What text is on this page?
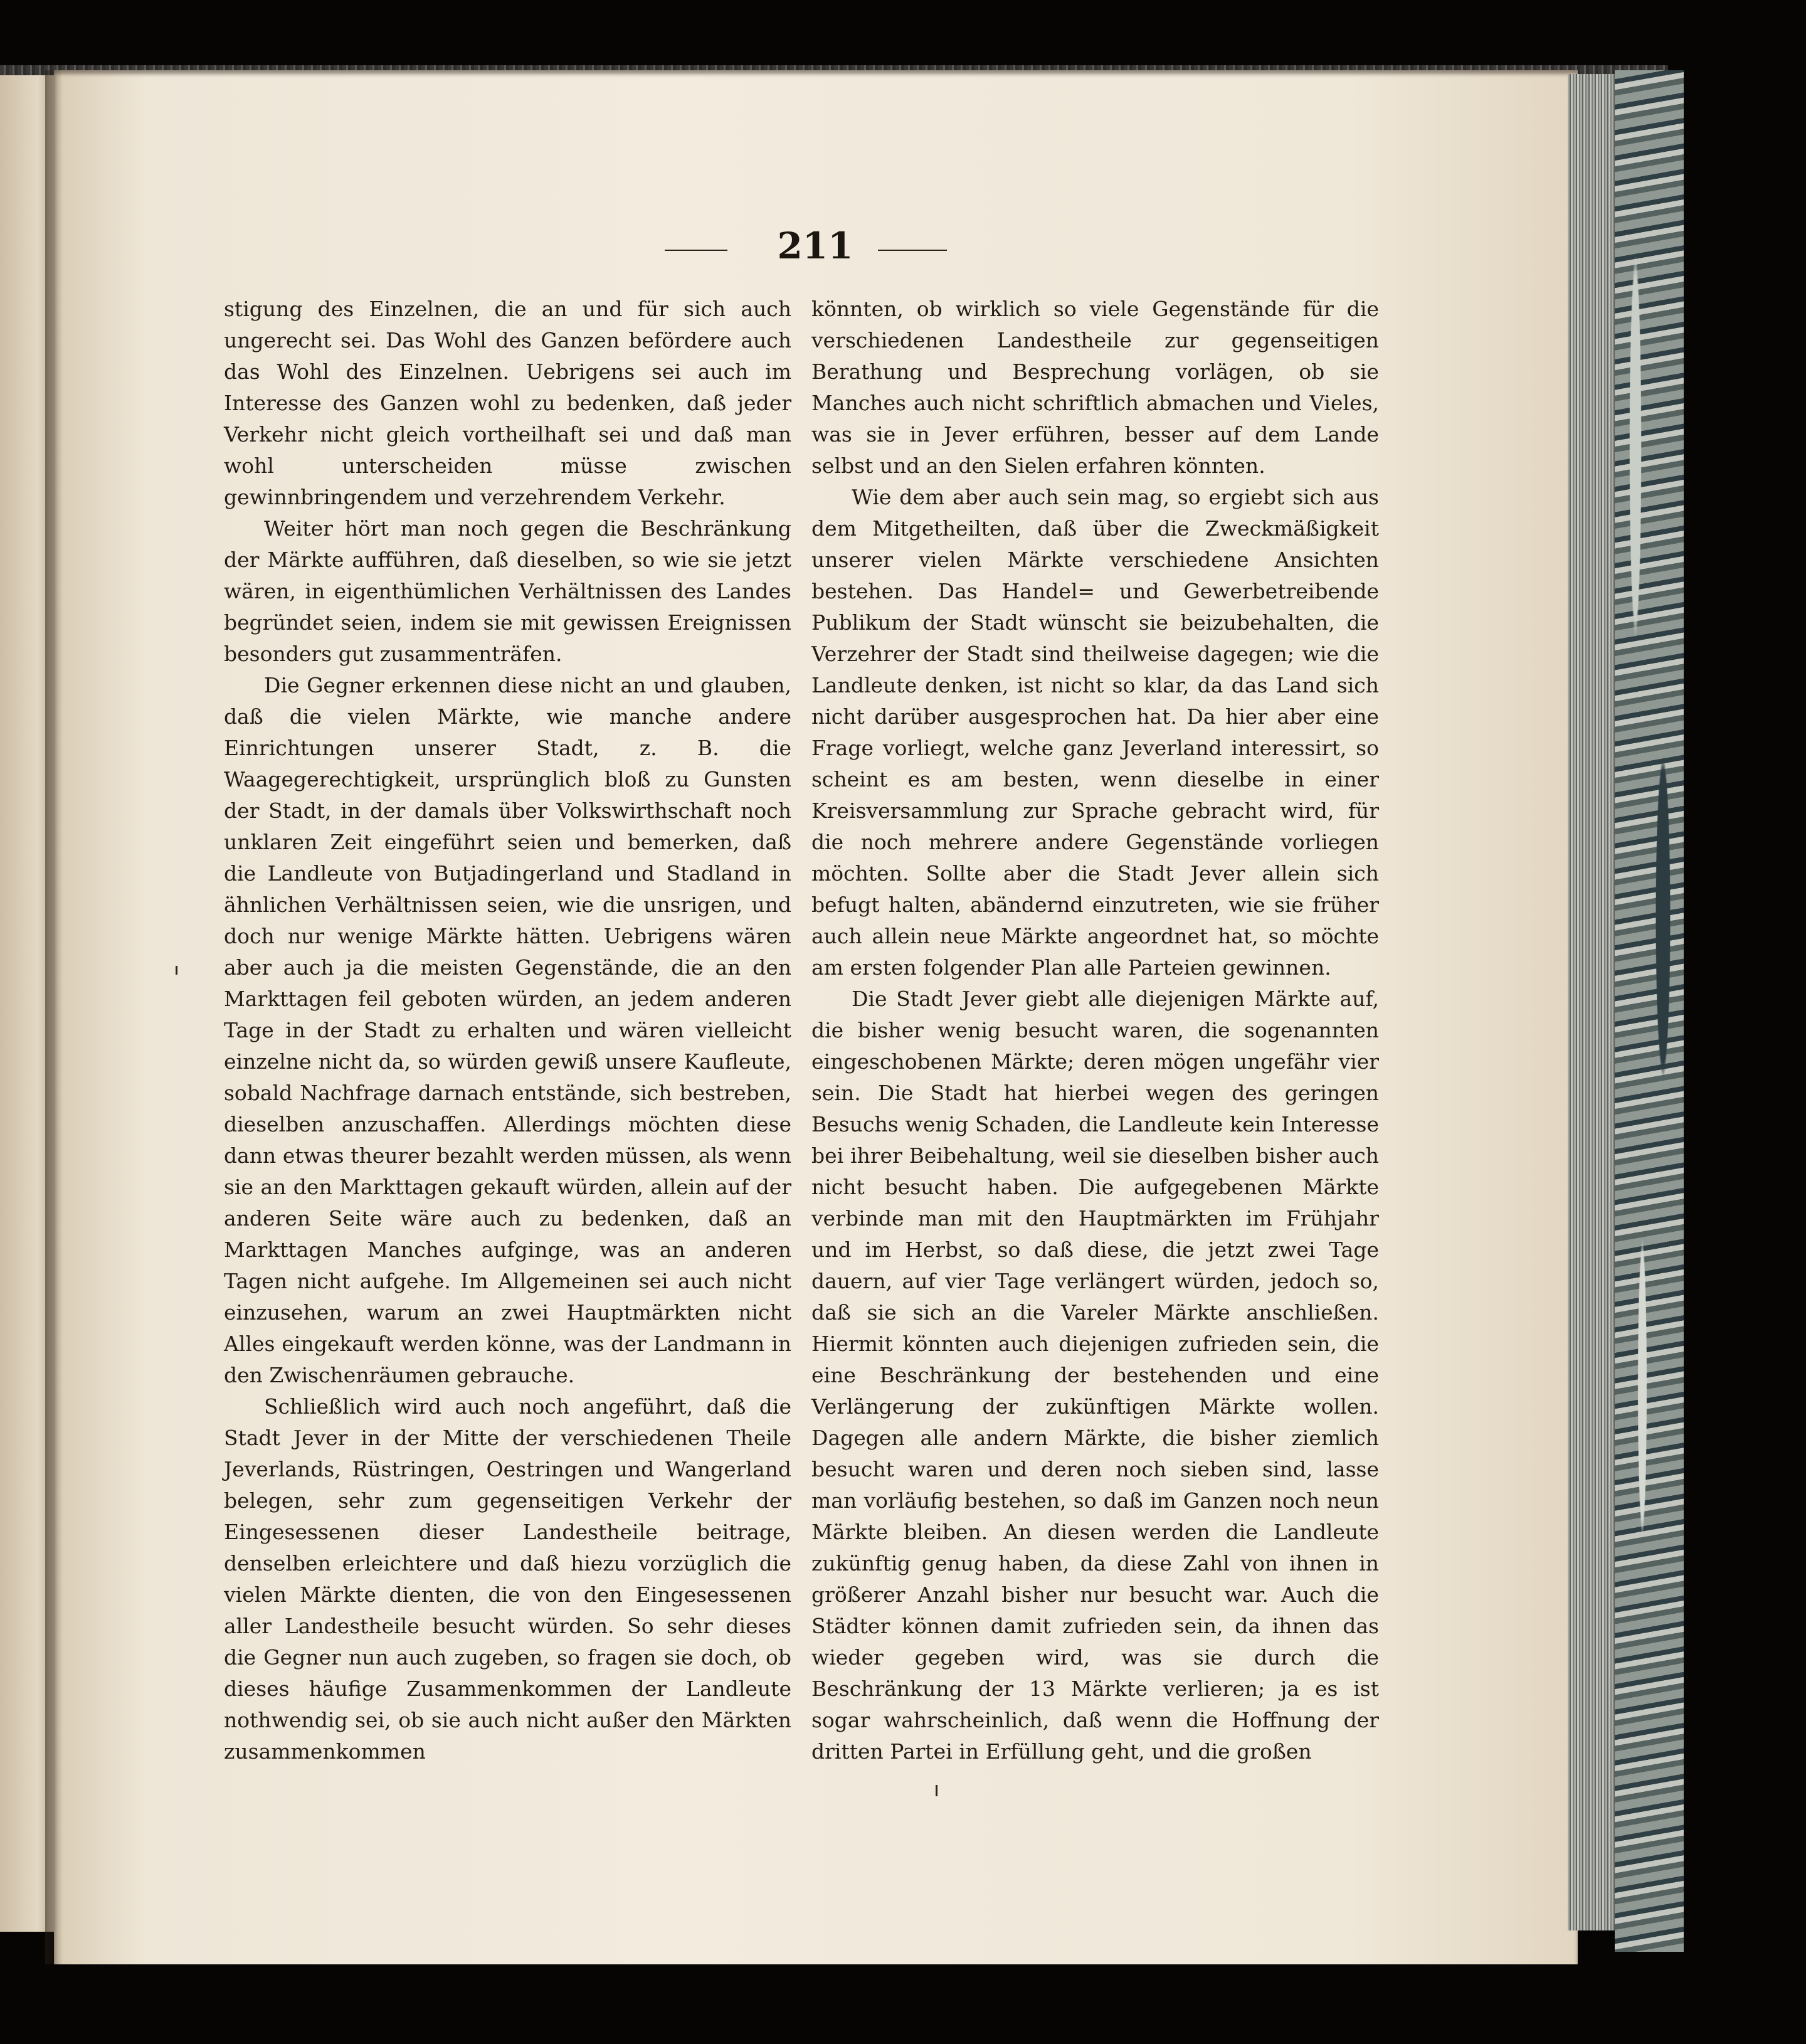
211

stigung des Einzelnen, die an und für sich auch ungerecht sei. Das Wohl des Ganzen befördere auch das Wohl des Einzelnen. Uebrigens sei auch im Interesse des Ganzen wohl zu bedenken, daß jeder Verkehr nicht gleich vortheilhaft sei und daß man wohl unterscheiden müsse zwischen gewinnbringendem und verzehrendem Verkehr.

Weiter hört man noch gegen die Beschränkung der Märkte aufführen, daß dieselben, so wie sie jetzt wären, in eigenthümlichen Verhältnissen des Landes begründet seien, indem sie mit gewissen Ereignissen besonders gut zusammenträfen.

Die Gegner erkennen diese nicht an und glauben, daß die vielen Märkte, wie manche andere Einrichtungen unserer Stadt, z. B. die Waagegerechtigkeit, ursprünglich bloß zu Gunsten der Stadt, in der damals über Volkswirthschaft noch unklaren Zeit eingeführt seien und bemerken, daß die Landleute von Butjadingerland und Stadland in ähnlichen Verhältnissen seien, wie die unsrigen, und doch nur wenige Märkte hätten. Uebrigens wären aber auch ja die meisten Gegenstände, die an den Markttagen feil geboten würden, an jedem anderen Tage in der Stadt zu erhalten und wären vielleicht einzelne nicht da, so würden gewiß unsere Kaufleute, sobald Nachfrage darnach entstände, sich bestreben, dieselben anzuschaffen. Allerdings möchten diese dann etwas theurer bezahlt werden müssen, als wenn sie an den Markttagen gekauft würden, allein auf der anderen Seite wäre auch zu bedenken, daß an Markttagen Manches aufginge, was an anderen Tagen nicht aufgehe. Im Allgemeinen sei auch nicht einzusehen, warum an zwei Hauptmärkten nicht Alles eingekauft werden könne, was der Landmann in den Zwischenräumen gebrauche.

Schließlich wird auch noch angeführt, daß die Stadt Jever in der Mitte der verschiedenen Theile Jeverlands, Rüstringen, Oestringen und Wangerland belegen, sehr zum gegenseitigen Verkehr der Eingesessenen dieser Landestheile beitrage, denselben erleichtere und daß hiezu vorzüglich die vielen Märkte dienten, die von den Eingesessenen aller Landestheile besucht würden. So sehr dieses die Gegner nun auch zugeben, so fragen sie doch, ob dieses häufige Zusammenkommen der Landleute nothwendig sei, ob sie auch nicht außer den Märkten zusammenkommen

könnten, ob wirklich so viele Gegenstände für die verschiedenen Landestheile zur gegenseitigen Berathung und Besprechung vorlägen, ob sie Manches auch nicht schriftlich abmachen und Vieles, was sie in Jever erführen, besser auf dem Lande selbst und an den Sielen erfahren könnten.

Wie dem aber auch sein mag, so ergiebt sich aus dem Mitgetheilten, daß über die Zweckmäßigkeit unserer vielen Märkte verschiedene Ansichten bestehen. Das Handel= und Gewerbetreibende Publikum der Stadt wünscht sie beizubehalten, die Verzehrer der Stadt sind theilweise dagegen; wie die Landleute denken, ist nicht so klar, da das Land sich nicht darüber ausgesprochen hat. Da hier aber eine Frage vorliegt, welche ganz Jeverland interessirt, so scheint es am besten, wenn dieselbe in einer Kreisversammlung zur Sprache gebracht wird, für die noch mehrere andere Gegenstände vorliegen möchten. Sollte aber die Stadt Jever allein sich befugt halten, abändernd einzutreten, wie sie früher auch allein neue Märkte angeordnet hat, so möchte am ersten folgender Plan alle Parteien gewinnen.

Die Stadt Jever giebt alle diejenigen Märkte auf, die bisher wenig besucht waren, die sogenannten eingeschobenen Märkte; deren mögen ungefähr vier sein. Die Stadt hat hierbei wegen des geringen Besuchs wenig Schaden, die Landleute kein Interesse bei ihrer Beibehaltung, weil sie dieselben bisher auch nicht besucht haben. Die aufgegebenen Märkte verbinde man mit den Hauptmärkten im Frühjahr und im Herbst, so daß diese, die jetzt zwei Tage dauern, auf vier Tage verlängert würden, jedoch so, daß sie sich an die Vareler Märkte anschließen. Hiermit könnten auch diejenigen zufrieden sein, die eine Beschränkung der bestehenden und eine Verlängerung der zukünftigen Märkte wollen. Dagegen alle andern Märkte, die bisher ziemlich besucht waren und deren noch sieben sind, lasse man vorläufig bestehen, so daß im Ganzen noch neun Märkte bleiben. An diesen werden die Landleute zukünftig genug haben, da diese Zahl von ihnen in größerer Anzahl bisher nur besucht war. Auch die Städter können damit zufrieden sein, da ihnen das wieder gegeben wird, was sie durch die Beschränkung der 13 Märkte verlieren; ja es ist sogar wahrscheinlich, daß wenn die Hoffnung der dritten Partei in Erfüllung geht, und die großen
